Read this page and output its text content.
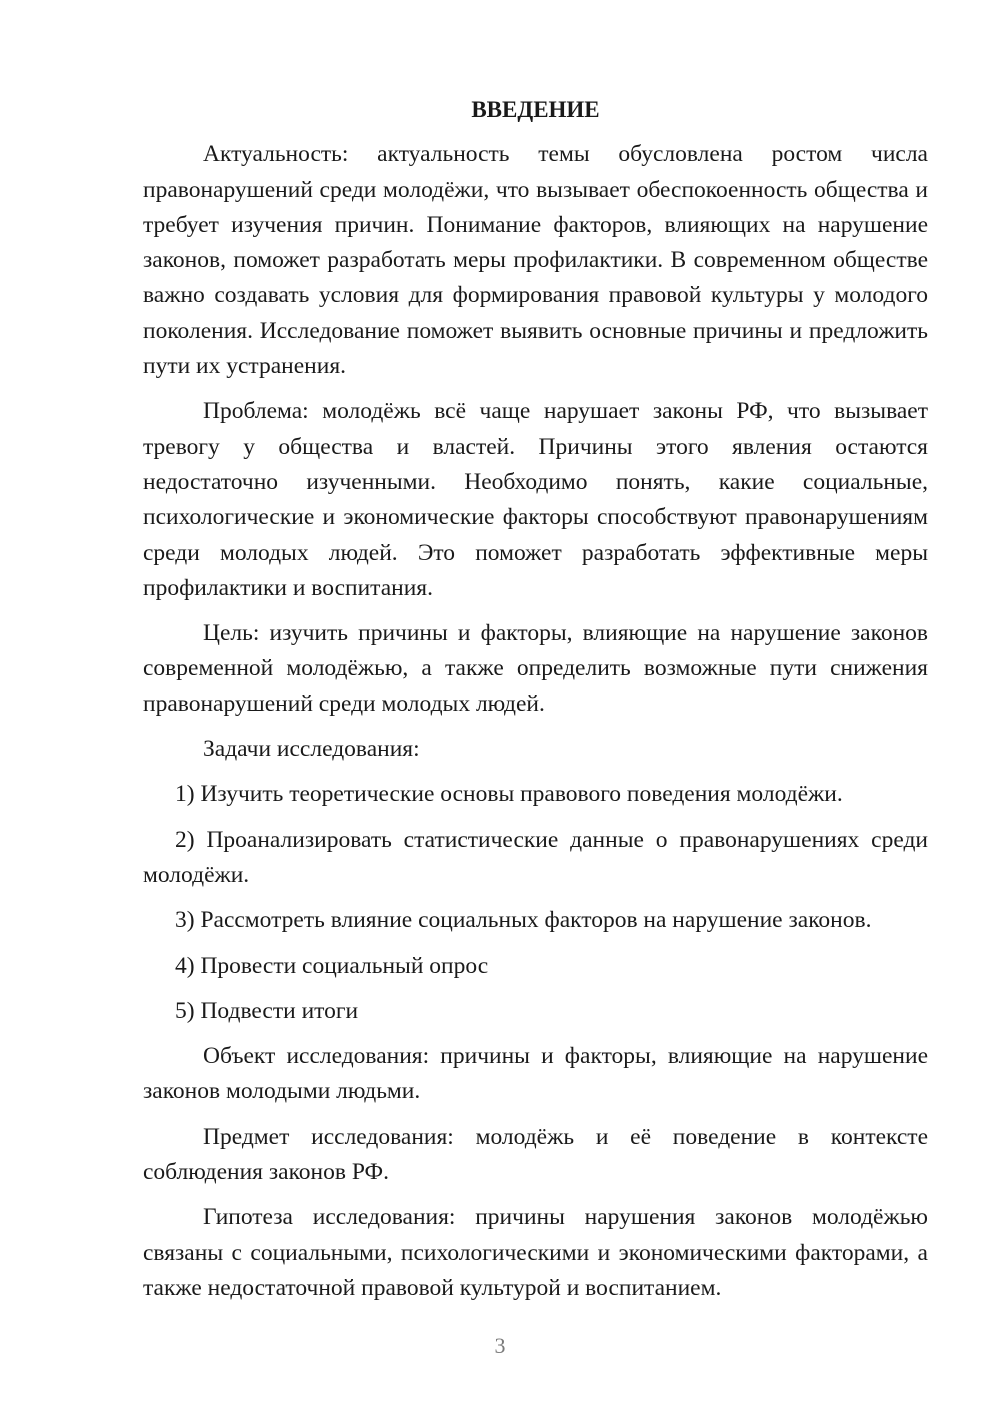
ВВЕДЕНИЕ

Актуальность: актуальность темы обусловлена ростом числа правонарушений среди молодёжи, что вызывает обеспокоенность общества и требует изучения причин. Понимание факторов, влияющих на нарушение законов, поможет разработать меры профилактики. В современном обществе важно создавать условия для формирования правовой культуры у молодого поколения. Исследование поможет выявить основные причины и предложить пути их устранения.

Проблема: молодёжь всё чаще нарушает законы РФ, что вызывает тревогу у общества и властей. Причины этого явления остаются недостаточно изученными. Необходимо понять, какие социальные, психологические и экономические факторы способствуют правонарушениям среди молодых людей. Это поможет разработать эффективные меры профилактики и воспитания.

Цель: изучить причины и факторы, влияющие на нарушение законов современной молодёжью, а также определить возможные пути снижения правонарушений среди молодых людей.

Задачи исследования:

1) Изучить теоретические основы правового поведения молодёжи.

2) Проанализировать статистические данные о правонарушениях среди молодёжи.

3) Рассмотреть влияние социальных факторов на нарушение законов.

4) Провести социальный опрос

5) Подвести итоги

Объект исследования: причины и факторы, влияющие на нарушение законов молодыми людьми.

Предмет исследования: молодёжь и её поведение в контексте соблюдения законов РФ.

Гипотеза исследования: причины нарушения законов молодёжью связаны с социальными, психологическими и экономическими факторами, а также недостаточной правовой культурой и воспитанием.

3
